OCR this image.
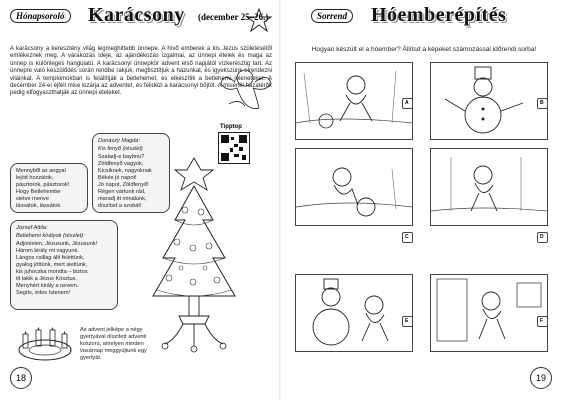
Hónapsoroló	Karácsony (december 25–26.)
A karácsony a keresztény világ legmeghittebb ünnepe. A hívő emberek a kis Jézus születésétől emlékeznek meg. A várakozás ideje, az ajándékozás izgalmai, az ünnepi ételek és maga az ünnep is különleges hangulatú. A karácsonyi ünnepkör advent első napjától vízkeresztig tart. Az ünnepre való készülődés során rendbe rakjuk, megtisztítjuk a házunkat, és igyekszünk elrendezni viláinkat. A templomokban is felállítják a betlehemet, és elkészítik a betlehemi jeleneteket. A december 24-ei éjféli mise kizárja az adventet, és felidézi a karácsonyi böjtöt. A misénél hazatérők pedig elfogyaszthatják az ünnepi ételeket.
Tipptop
Donászy Magda:
Kis fenyő (részlet)
Szaladj-e baybnu?
Zöldfenyő vagyok,
Kicsiknek, nagyoknak
Békés jó napot!
Jó napot, Zöldfenyő!
Régen vártunk rád,
maradj itt minálunk,
díszítsd a szobát!
Mennyből az angyal
lejött hozzátok,
pásztorok, pásztorok!
Hogy Betlehembe
sietve menve
lássátok, lássátok.
József Attila:
Betlehemi királyok (részlet)
Adjonisten, Jézusunk, Jézusunk!
Három király mi vagyunk.
Lángos csillag állt felettünk,
gyalog jöttünk, mert siettünk,
kis juhocska mondta – biztos
itt lakik a Jézus Krisztus.
Menyhért király a nevem.
Segíts, édes Istenem!
Az advent jelképe a négy gyertyával díszített adventi koszorú, amelyen minden vasárnap meggyújtunk egy gyertyát.
18
Sorrend	Hóemberépítés
Hogyan készült el a hóember? Állítsd a képeket számozással időrendi sorba!
A	B
C	D
E	F
19
